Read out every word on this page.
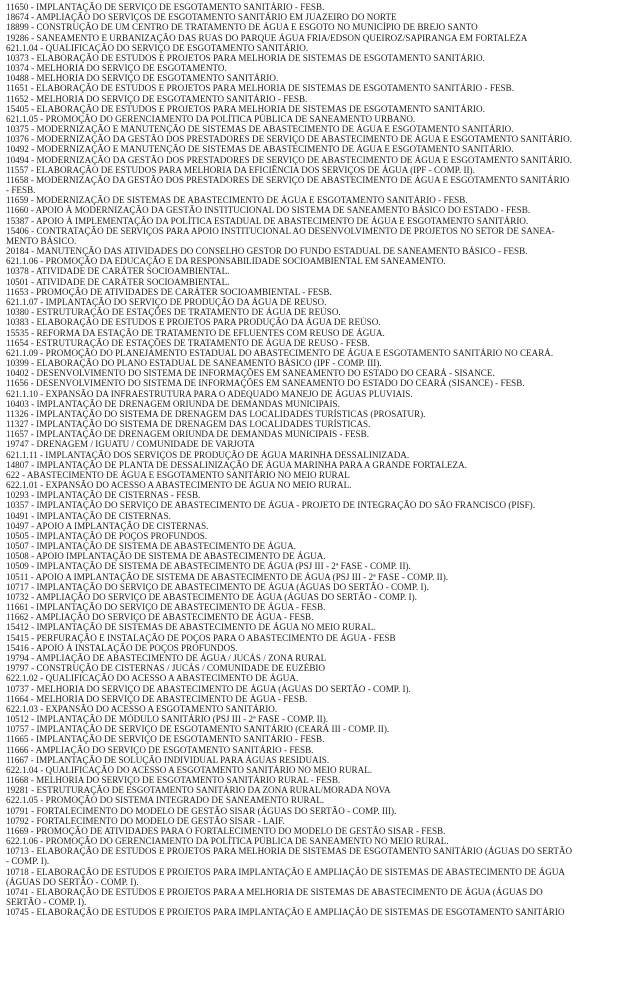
11650 - IMPLANTAÇÃO DE SERVIÇO DE ESGOTAMENTO SANITÁRIO - FESB.
18674 - AMPLIAÇÃO DO SERVIÇOS DE ESGOTAMENTO SANITÁRIO EM JUAZEIRO DO NORTE
18899 - CONSTRUÇÃO DE UM CENTRO DE TRATAMENTO DE ÁGUA E ESGOTO NO MUNICÍPIO DE BREJO SANTO
19286 - SANEAMENTO E URBANIZAÇÃO DAS RUAS DO PARQUE ÁGUA FRIA/EDSON QUEIROZ/SAPIRANGA EM FORTALEZA
621.1.04 - QUALIFICAÇÃO DO SERVIÇO DE ESGOTAMENTO SANITÁRIO.
10373 - ELABORAÇÃO DE ESTUDOS E PROJETOS PARA MELHORIA DE SISTEMAS DE ESGOTAMENTO SANITÁRIO.
10374 - MELHORIA DO SERVIÇO DE ESGOTAMENTO.
10488 - MELHORIA DO SERVIÇO DE ESGOTAMENTO SANITÁRIO.
11651 - ELABORAÇÃO DE ESTUDOS E PROJETOS PARA MELHORIA DE SISTEMAS DE ESGOTAMENTO SANITÁRIO - FESB.
11652 - MELHORIA DO SERVIÇO DE ESGOTAMENTO SANITÁRIO - FESB.
15405 - ELABORAÇÃO DE ESTUDOS E PROJETOS PARA MELHORIA DE SISTEMAS DE ESGOTAMENTO SANITÁRIO.
621.1.05 - PROMOÇÃO DO GERENCIAMENTO DA POLÍTICA PÚBLICA DE SANEAMENTO URBANO.
10375 - MODERNIZAÇÃO E MANUTENÇÃO DE SISTEMAS DE ABASTECIMENTO DE ÁGUA E ESGOTAMENTO SANITÁRIO.
10376 - MODERNIZAÇÃO DA GESTÃO DOS PRESTADORES DE SERVIÇO DE ABASTECIMENTO DE ÁGUA E ESGOTAMENTO SANITÁRIO.
10492 - MODERNIZAÇÃO E MANUTENÇÃO DE SISTEMAS DE ABASTECIMENTO DE ÁGUA E ESGOTAMENTO SANITÁRIO.
10494 - MODERNIZAÇÃO DA GESTÃO DOS PRESTADORES DE SERVIÇO DE ABASTECIMENTO DE ÁGUA E ESGOTAMENTO SANITÁRIO.
11557 - ELABORAÇÃO DE ESTUDOS PARA MELHORIA DA EFICIÊNCIA DOS SERVIÇOS DE ÁGUA (IPF - COMP. II).
11658 - MODERNIZAÇÃO DA GESTÃO DOS PRESTADORES DE SERVIÇO DE ABASTECIMENTO DE ÁGUA E ESGOTAMENTO SANITÁRIO
- FESB.
11659 - MODERNIZAÇÃO DE SISTEMAS DE ABASTECIMENTO DE ÁGUA E ESGOTAMENTO SANITÁRIO - FESB.
11660 - APOIO À MODERNIZAÇÃO DA GESTÃO INSTITUCIONAL DO SISTEMA DE SANEAMENTO BÁSICO DO ESTADO - FESB.
15387 - APOIO À IMPLEMENTAÇÃO DA POLÍTICA ESTADUAL DE ABASTECIMENTO DE ÁGUA E ESGOTAMENTO SANITÁRIO.
15406 - CONTRATAÇÃO DE SERVIÇOS PARA APOIO INSTITUCIONAL AO DESENVOLVIMENTO DE PROJETOS NO SETOR DE SANEA-
MENTO BÁSICO.
20184 - MANUTENÇÃO DAS ATIVIDADES DO CONSELHO GESTOR DO FUNDO ESTADUAL DE SANEAMENTO BÁSICO - FESB.
621.1.06 - PROMOÇÃO DA EDUCAÇÃO E DA RESPONSABILIDADE SOCIOAMBIENTAL EM SANEAMENTO.
10378 - ATIVIDADE DE CARÁTER SOCIOAMBIENTAL.
10501 - ATIVIDADE DE CARÁTER SOCIOAMBIENTAL.
11653 - PROMOÇÃO DE ATIVIDADES DE CARÁTER SOCIOAMBIENTAL - FESB.
621.1.07 - IMPLANTAÇÃO DO SERVIÇO DE PRODUÇÃO DA ÁGUA DE REUSO.
10380 - ESTRUTURAÇÃO DE ESTAÇÕES DE TRATAMENTO DE ÁGUA DE REÚSO.
10383 - ELABORAÇÃO DE ESTUDOS E PROJETOS PARA PRODUÇÃO DA ÁGUA DE REÚSO.
15535 - REFORMA DA ESTAÇÃO DE TRATAMENTO DE EFLUENTES COM REUSO DE ÁGUA.
11654 - ESTRUTURAÇÃO DE ESTAÇÕES DE TRATAMENTO DE ÁGUA DE REUSO - FESB.
621.1.09 - PROMOÇÃO DO PLANEJAMENTO ESTADUAL DO ABASTECIMENTO DE ÁGUA E ESGOTAMENTO SANITÁRIO NO CEARÁ.
10399 - ELABORAÇÃO DO PLANO ESTADUAL DE SANEAMENTO BÁSICO (IPF - COMP. III).
10402 - DESENVOLVIMENTO DO SISTEMA DE INFORMAÇÕES EM SANEAMENTO DO ESTADO DO CEARÁ - SISANCE.
11656 - DESENVOLVIMENTO DO SISTEMA DE INFORMAÇÕES EM SANEAMENTO DO ESTADO DO CEARÁ (SISANCE) - FESB.
621.1.10 - EXPANSÃO DA INFRAESTRUTURA PARA O ADEQUADO MANEJO DE ÁGUAS PLUVIAIS.
10403 - IMPLANTAÇÃO DE DRENAGEM ORIUNDA DE DEMANDAS MUNICIPAIS.
11326 - IMPLANTAÇÃO DO SISTEMA DE DRENAGEM DAS LOCALIDADES TURÍSTICAS (PROSATUR).
11327 - IMPLANTAÇÃO DO SISTEMA DE DRENAGEM DAS LOCALIDADES TURÍSTICAS.
11657 - IMPLANTAÇÃO DE DRENAGEM ORIUNDA DE DEMANDAS MUNICIPAIS - FESB.
19747 - DRENAGEM / IGUATU / COMUNIDADE DE VARJOTA
621.1.11 - IMPLANTAÇÃO DOS SERVIÇOS DE PRODUÇÃO DE ÁGUA MARINHA DESSALINIZADA.
14807 - IMPLANTAÇÃO DE PLANTA DE DESSALINIZAÇÃO DE ÁGUA MARINHA PARA A GRANDE FORTALEZA.
622 - ABASTECIMENTO DE ÁGUA E ESGOTAMENTO SANITÁRIO NO MEIO RURAL
622.1.01 - EXPANSÃO DO ACESSO A ABASTECIMENTO DE ÁGUA NO MEIO RURAL.
10293 - IMPLANTAÇÃO DE CISTERNAS - FESB.
10357 - IMPLANTAÇÃO DO SERVIÇO DE ABASTECIMENTO DE ÁGUA - PROJETO DE INTEGRAÇÃO DO SÃO FRANCISCO (PISF).
10491 - IMPLANTAÇÃO DE CISTERNAS.
10497 - APOIO A IMPLANTAÇÃO DE CISTERNAS.
10505 - IMPLANTAÇÃO DE POÇOS PROFUNDOS.
10507 - IMPLANTAÇÃO DE SISTEMA DE ABASTECIMENTO DE ÁGUA.
10508 - APOIO IMPLANTAÇÃO DE SISTEMA DE ABASTECIMENTO DE ÁGUA.
10509 - IMPLANTAÇÃO DE SISTEMA DE ABASTECIMENTO DE ÁGUA (PSJ III - 2ª FASE - COMP. II).
10511 - APOIO A IMPLANTAÇÃO DE SISTEMA DE ABASTECIMENTO DE ÁGUA (PSJ III - 2ª FASE - COMP. II).
10717 - IMPLANTAÇÃO DO SERVIÇO DE ABASTECIMENTO DE ÁGUA (ÁGUAS DO SERTÃO - COMP. I).
10732 - AMPLIAÇÃO DO SERVIÇO DE ABASTECIMENTO DE ÁGUA (ÁGUAS DO SERTÃO - COMP. I).
11661 - IMPLANTAÇÃO DO SERVIÇO DE ABASTECIMENTO DE ÁGUA - FESB.
11662 - AMPLIAÇÃO DO SERVIÇO DE ABASTECIMENTO DE ÁGUA - FESB.
15412 - IMPLANTAÇÃO DE SISTEMAS DE ABASTECIMENTO DE ÁGUA NO MEIO RURAL.
15415 - PERFURAÇÃO E INSTALAÇÃO DE POÇOS PARA O ABASTECIMENTO DE ÁGUA - FESB
15416 - APOIO À INSTALAÇÃO DE POÇOS PROFUNDOS.
19794 - AMPLIAÇÃO DE ABASTECIMENTO DE ÁGUA / JUCÁS / ZONA RURAL
19797 - CONSTRUÇÃO DE CISTERNAS / JUCÁS / COMUNIDADE DE EUZÉBIO
622.1.02 - QUALIFICAÇÃO DO ACESSO A ABASTECIMENTO DE ÁGUA.
10737 - MELHORIA DO SERVIÇO DE ABASTECIMENTO DE ÁGUA (ÁGUAS DO SERTÃO - COMP. I).
11664 - MELHORIA DO SERVIÇO DE ABASTECIMENTO DE ÁGUA - FESB.
622.1.03 - EXPANSÃO DO ACESSO A ESGOTAMENTO SANITÁRIO.
10512 - IMPLANTAÇÃO DE MÓDULO SANITÁRIO (PSJ III - 2ª FASE - COMP. II).
10757 - IMPLANTAÇÃO DE SERVIÇO DE ESGOTAMENTO SANITÁRIO (CEARÁ III - COMP. II).
11665 - IMPLANTAÇÃO DE SERVIÇO DE ESGOTAMENTO SANITÁRIO - FESB.
11666 - AMPLIAÇÃO DO SERVIÇO DE ESGOTAMENTO SANITÁRIO - FESB.
11667 - IMPLANTAÇÃO DE SOLUÇÃO INDIVIDUAL PARA ÁGUAS RESIDUAIS.
622.1.04 - QUALIFICAÇÃO DO ACESSO A ESGOTAMENTO SANITÁRIO NO MEIO RURAL.
11668 - MELHORIA DO SERVIÇO DE ESGOTAMENTO SANITÁRIO RURAL - FESB.
19281 - ESTRUTURAÇÃO DE ESGOTAMENTO SANITÁRIO DA ZONA RURAL/MORADA NOVA
622.1.05 - PROMOÇÃO DO SISTEMA INTEGRADO DE SANEAMENTO RURAL.
10791 - FORTALECIMENTO DO MODELO DE GESTÃO SISAR (ÁGUAS DO SERTÃO - COMP. III).
10792 - FORTALECIMENTO DO MODELO DE GESTÃO SISAR - LAIF.
11669 - PROMOÇÃO DE ATIVIDADES PARA O FORTALECIMENTO DO MODELO DE GESTÃO SISAR - FESB.
622.1.06 - PROMOÇÃO DO GERENCIAMENTO DA POLÍTICA PÚBLICA DE SANEAMENTO NO MEIO RURAL.
10713 - ELABORAÇÃO DE ESTUDOS E PROJETOS PARA MELHORIA DE SISTEMAS DE ESGOTAMENTO SANITÁRIO (ÁGUAS DO SERTÃO
- COMP. I).
10718 - ELABORAÇÃO DE ESTUDOS E PROJETOS PARA IMPLANTAÇÃO E AMPLIAÇÃO DE SISTEMAS DE ABASTECIMENTO DE ÁGUA
(ÁGUAS DO SERTÃO - COMP. I).
10741 - ELABORAÇÃO DE ESTUDOS E PROJETOS PARA A MELHORIA DE SISTEMAS DE ABASTECIMENTO DE ÁGUA (ÁGUAS DO
SERTÃO - COMP. I).
10745 - ELABORAÇÃO DE ESTUDOS E PROJETOS PARA IMPLANTAÇÃO E AMPLIAÇÃO DE SISTEMAS DE ESGOTAMENTO SANITÁRIO
